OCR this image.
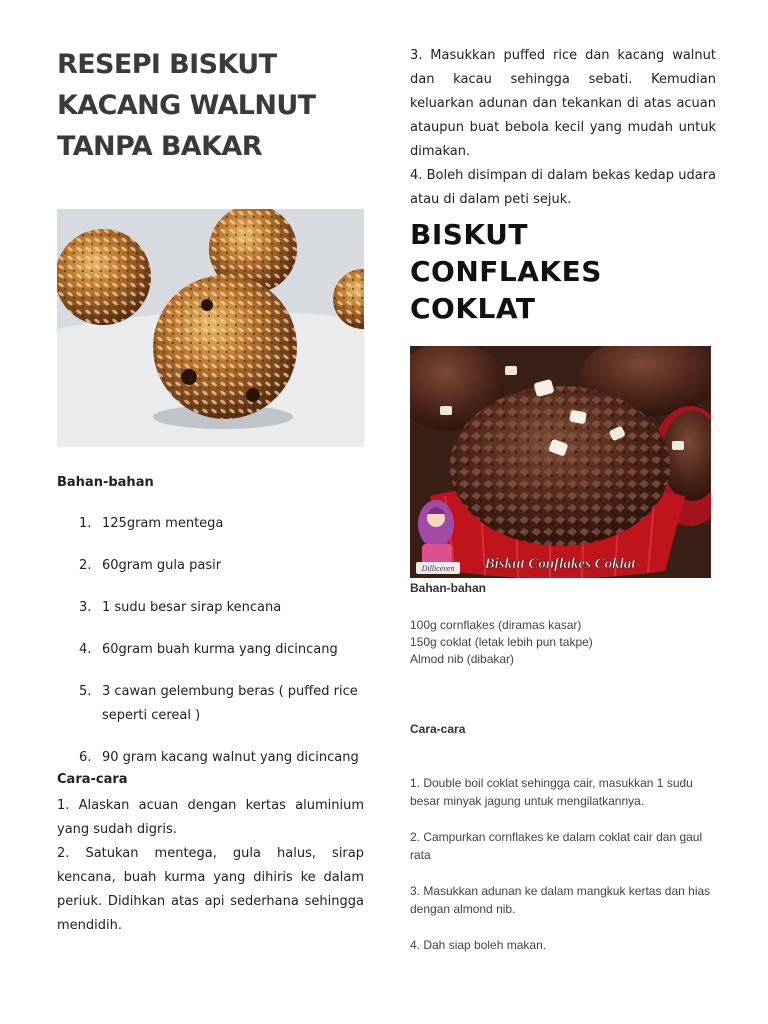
RESEPI BISKUT
KACANG WALNUT
TANPA BAKAR
Bahan-bahan
1. 125gram mentega
2. 60gram gula pasir
3. 1 sudu besar sirap kencana
4. 60gram buah kurma yang dicincang
5. 3 cawan gelembung beras ( puffed rice seperti cereal )
6. 90 gram kacang walnut yang dicincang
Cara-cara

1. Alaskan acuan dengan kertas aluminium yang sudah digris.

2. Satukan mentega, gula halus, sirap kencana, buah kurma yang dihiris ke dalam periuk. Didihkan atas api sederhana sehingga mendidih.

3. Masukkan puffed rice dan kacang walnut dan kacau sehingga sebati. Kemudian keluarkan adunan dan tekankan di atas acuan ataupun buat bebola kecil yang mudah untuk dimakan.

4. Boleh disimpan di dalam bekas kedap udara atau di dalam peti sejuk.

BISKUT
CONFLAKES
COKLAT
Dilliceven Biskut Conflakes Coklat
Bahan-bahan

100g cornflakes (diramas kasar)

150g coklat (letak lebih pun takpe)

Almod nib (dibakar)

Cara-cara

1. Double boil coklat sehingga cair, masukkan 1 sudu besar minyak jagung untuk mengilatkannya.

2. Campurkan cornflakes ke dalam coklat cair dan gaul rata

3. Masukkan adunan ke dalam mangkuk kertas dan hias dengan almond nib.

4. Dah siap boleh makan.
